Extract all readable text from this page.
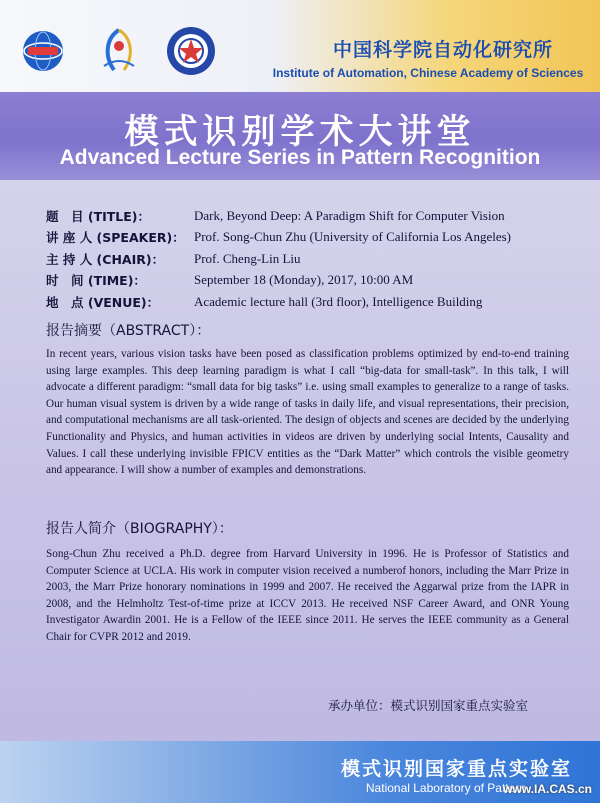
中国科学院自动化研究所
Institute of Automation, Chinese Academy of Sciences
模式识别学术大讲堂
Advanced Lecture Series in Pattern Recognition
题　目 (TITLE)：	Dark, Beyond Deep: A Paradigm Shift for Computer Vision
讲 座 人 (SPEAKER)： Prof. Song-Chun Zhu (University of California Los Angeles)
主 持 人 (CHAIR)： Prof. Cheng-Lin Liu
时　间 (TIME)：	September 18 (Monday), 2017, 10:00 AM
地　点 (VENUE)：	Academic lecture hall (3rd floor), Intelligence Building
报告摘要（ABSTRACT）：

In recent years, various vision tasks have been posed as classification problems optimized by end-to-end training using large examples. This deep learning paradigm is what I call “big-data for small-task”. In this talk, I will advocate a different paradigm: “small data for big tasks” i.e. using small examples to generalize to a range of tasks. Our human visual system is driven by a wide range of tasks in daily life, and visual representations, their precision, and computational mechanisms are all task-oriented. The design of objects and scenes are decided by the underlying Functionality and Physics, and human activities in videos are driven by underlying social Intents, Causality and Values. I call these underlying invisible FPICV entities as the “Dark Matter” which controls the visible geometry and appearance. I will show a number of examples and demonstrations.

报告人简介（BIOGRAPHY）：

Song-Chun Zhu received a Ph.D. degree from Harvard University in 1996. He is Professor of Statistics and Computer Science at UCLA. His work in computer vision received a numberof honors, including the Marr Prize in 2003, the Marr Prize honorary nominations in 1999 and 2007. He received the Aggarwal prize from the IAPR in 2008, and the Helmholtz Test-of-time prize at ICCV 2013. He received NSF Career Award, and ONR Young Investigator Awardin 2001. He is a Fellow of the IEEE since 2011. He serves the IEEE community as a General Chair for CVPR 2012 and 2019.

承办单位：模式识别国家重点实验室
模式识别国家重点实验室
National Laboratory of Pattern
www.IA.CAS.cn
